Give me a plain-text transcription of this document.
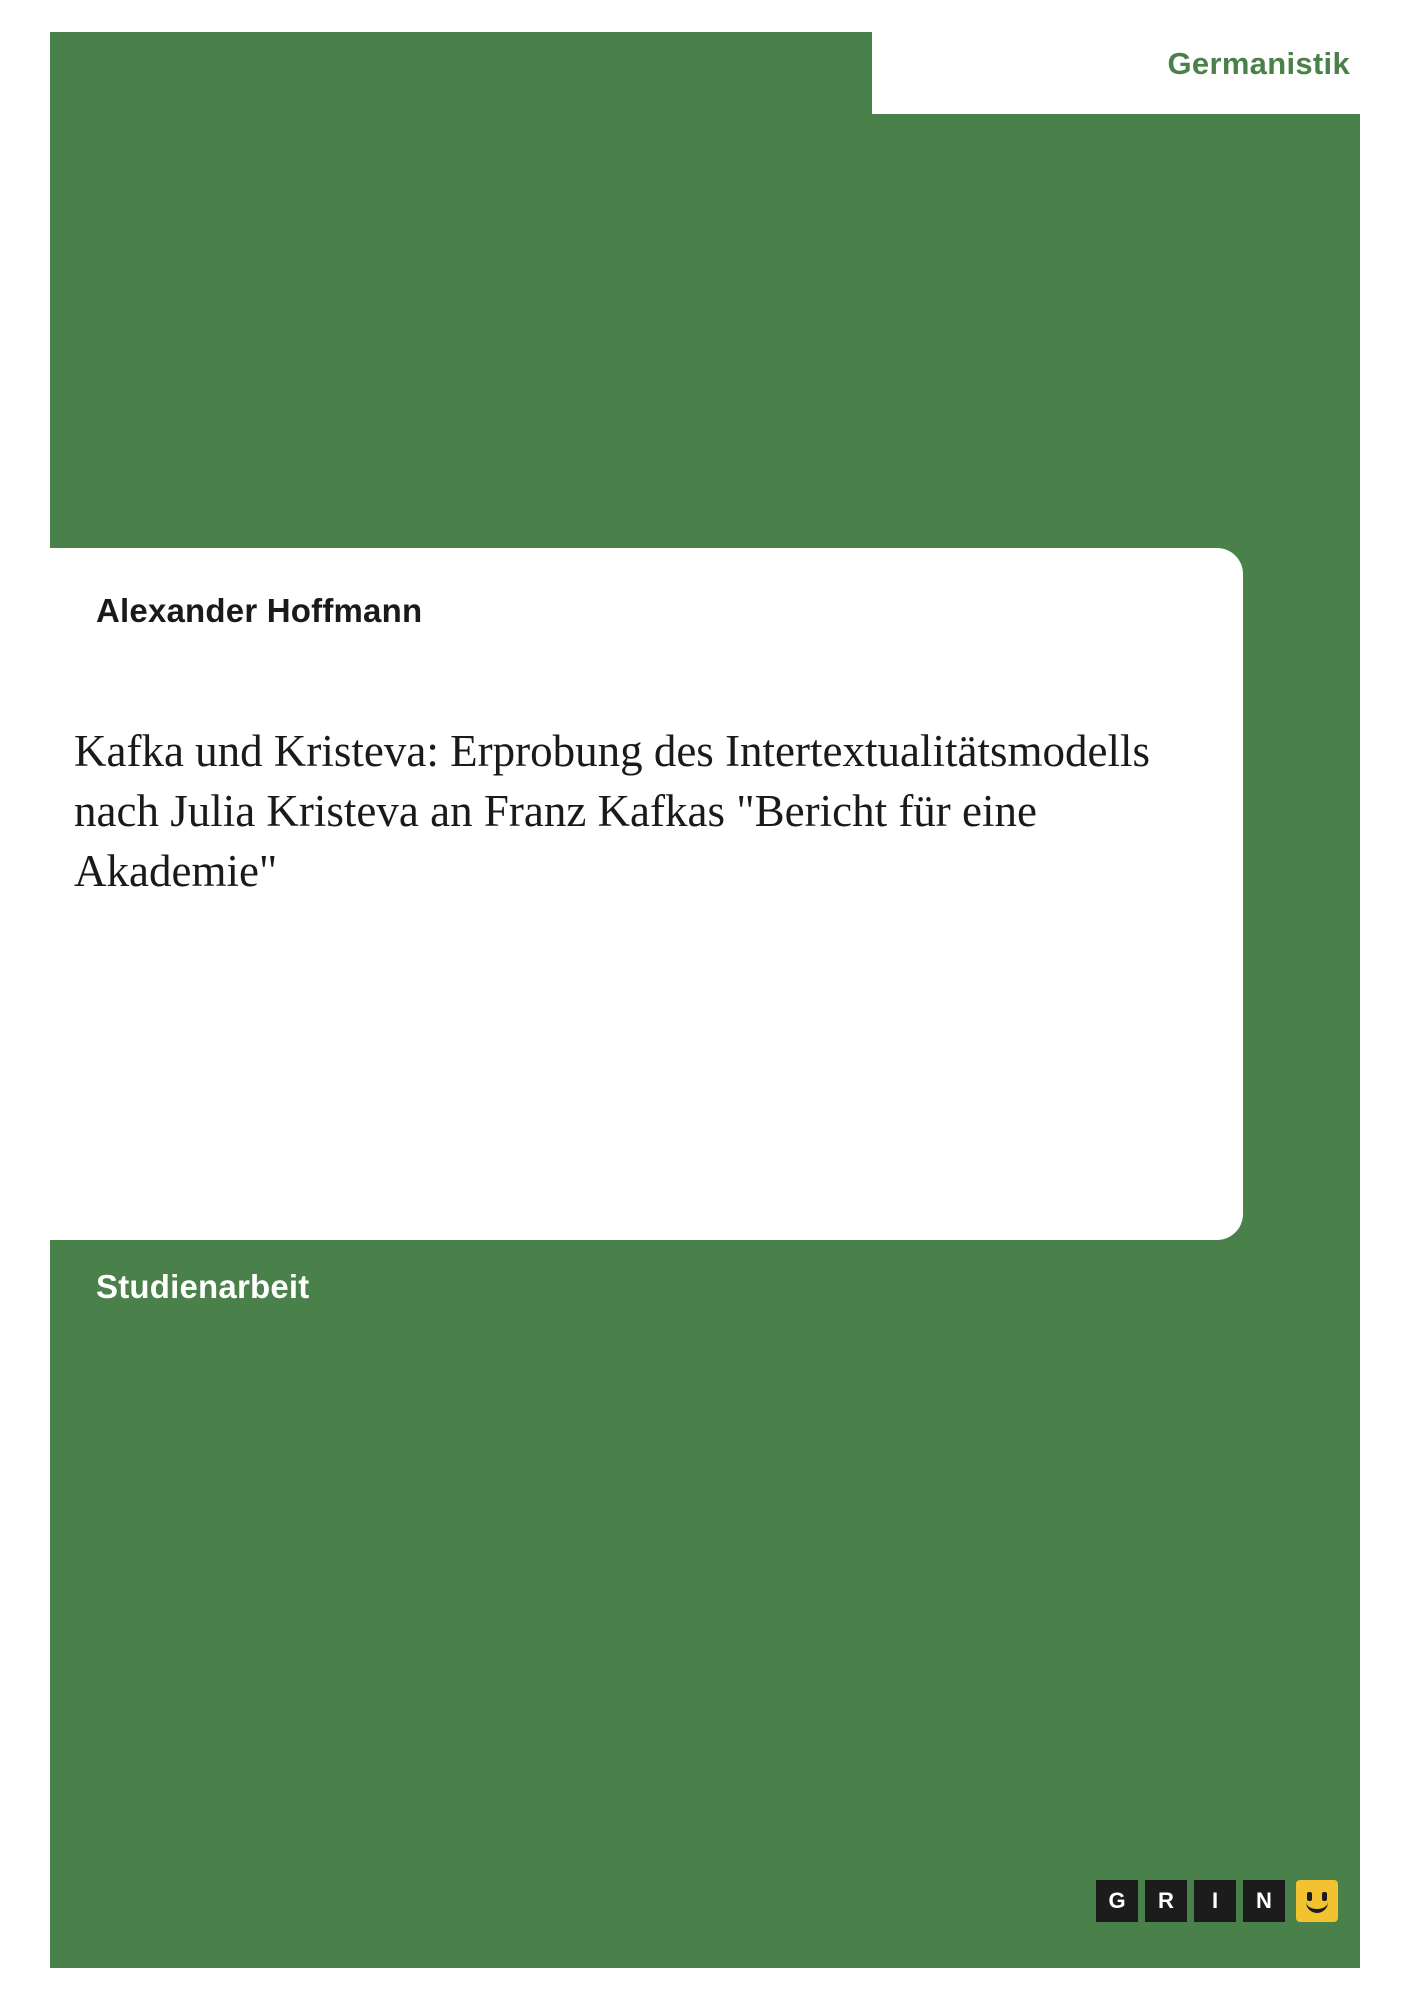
Germanistik
Alexander Hoffmann
Kafka und Kristeva: Erprobung des Intertextualitätsmodells nach Julia Kristeva an Franz Kafkas "Bericht für eine Akademie"
Studienarbeit
G	R	I	N
